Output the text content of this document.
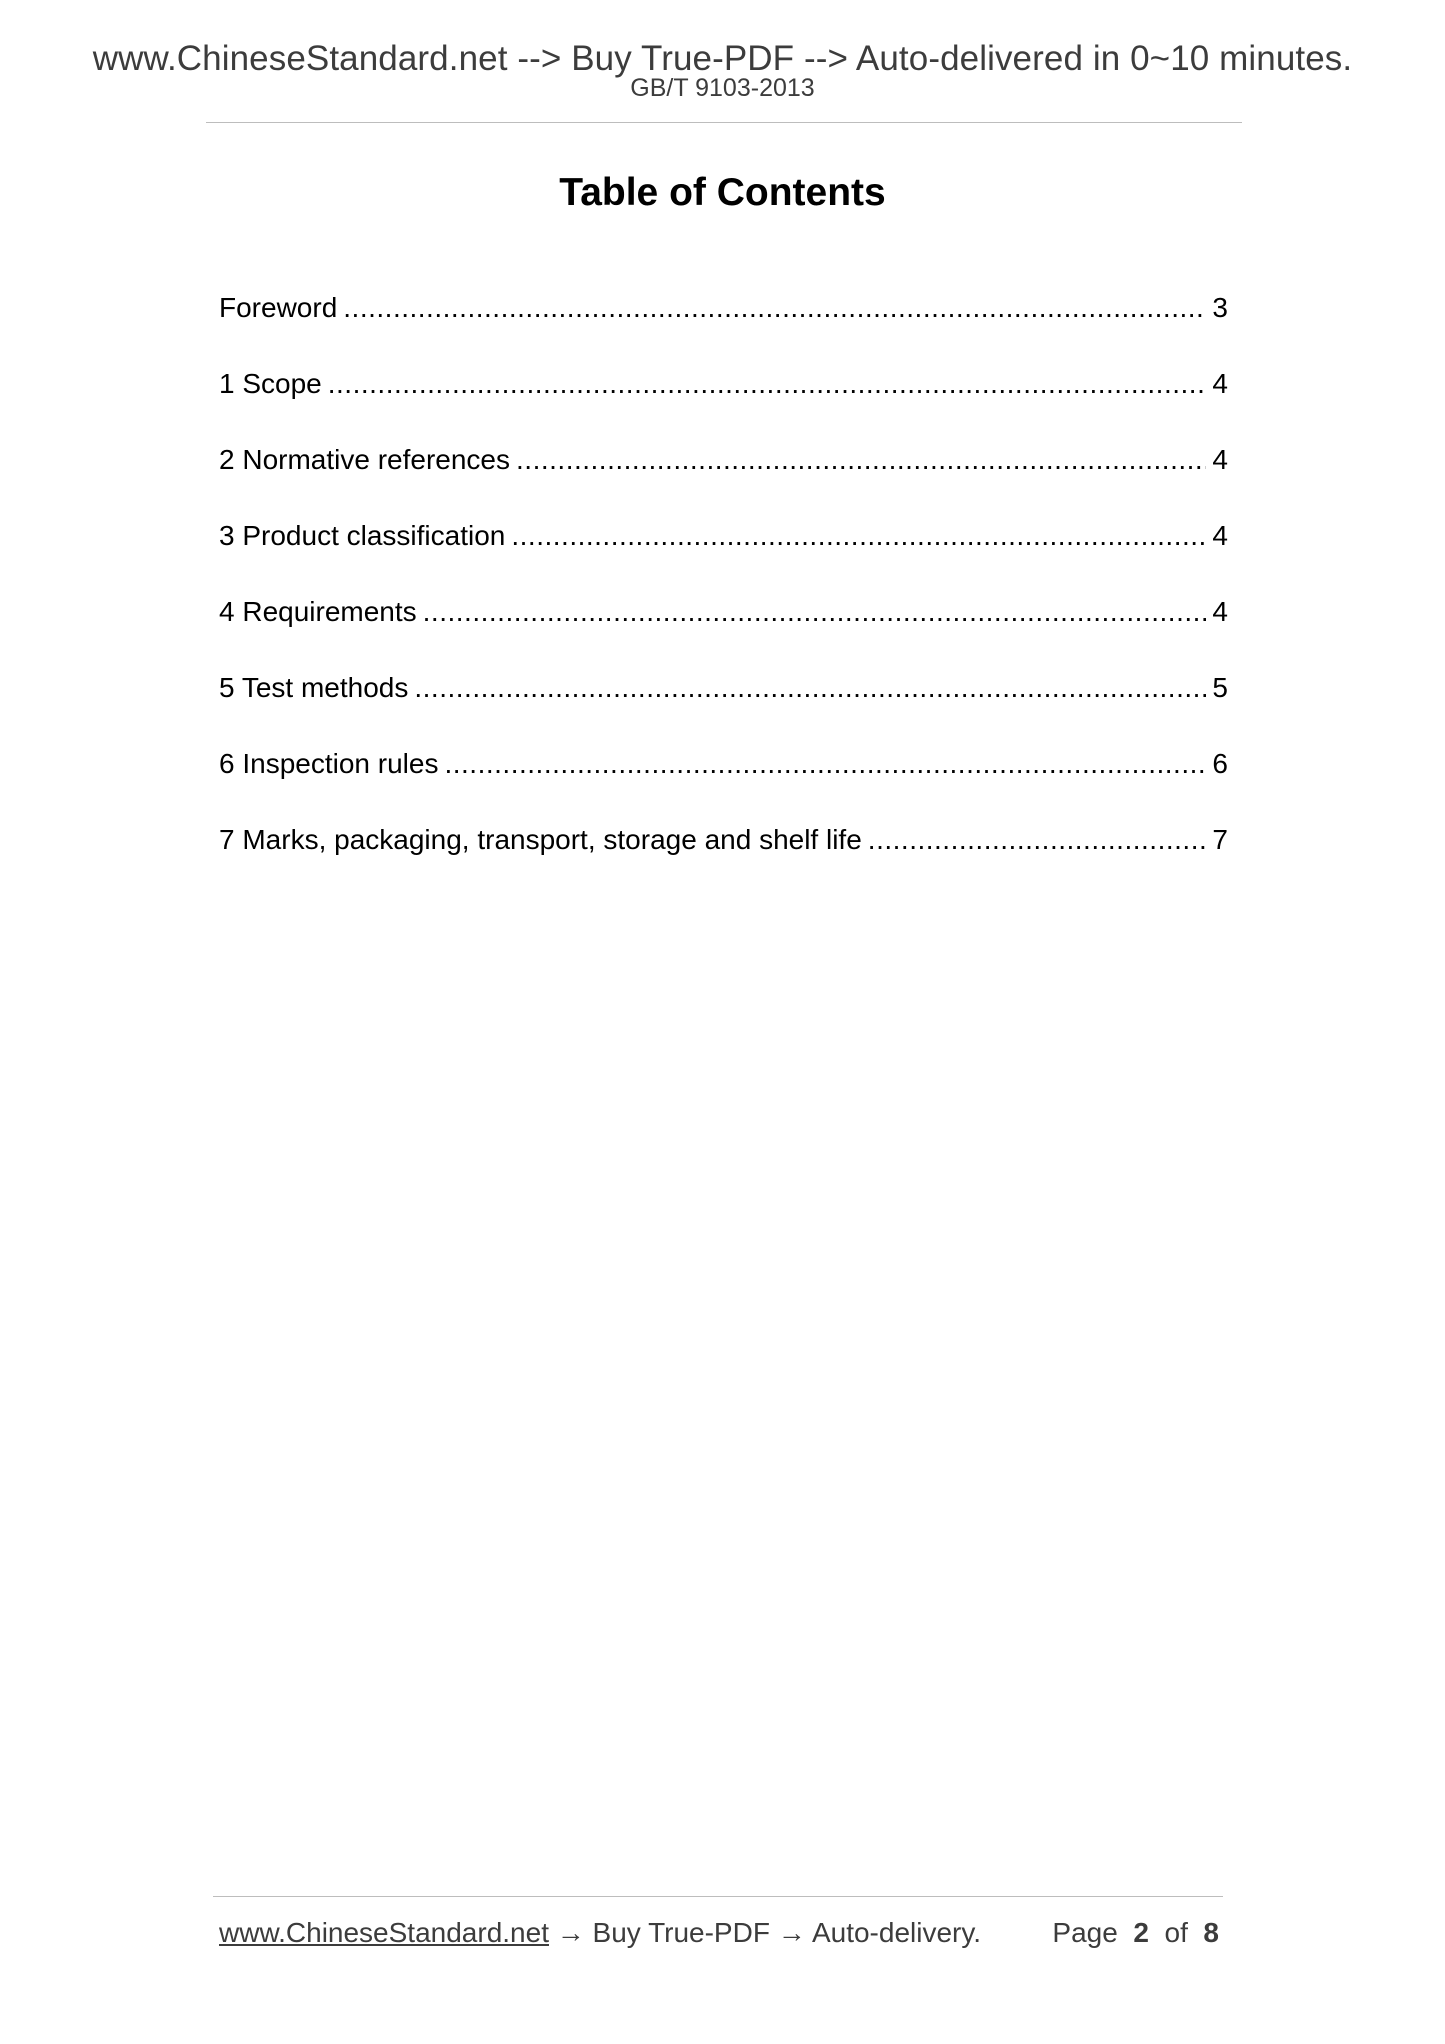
www.ChineseStandard.net --> Buy True-PDF --> Auto-delivered in 0~10 minutes.
GB/T 9103-2013
Table of Contents
Foreword .....	3
1 Scope .....	4
2 Normative references .....	4
3 Product classification .....	4
4 Requirements .....	4
5 Test methods .....	5
6 Inspection rules .....	6
7 Marks, packaging, transport, storage and shelf life .....	7
www.ChineseStandard.net → Buy True-PDF → Auto-delivery.	Page 2 of 8
